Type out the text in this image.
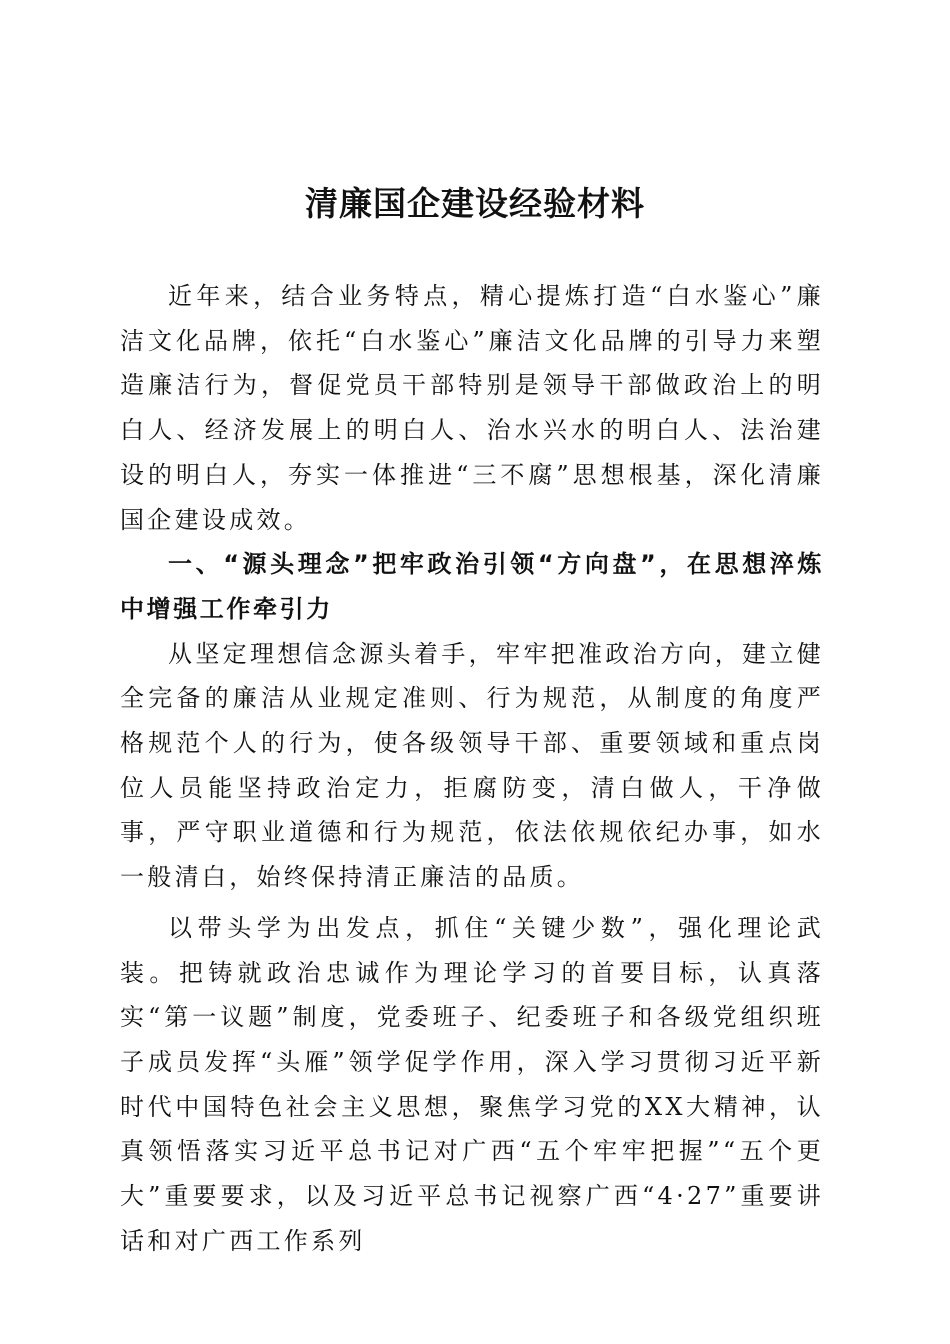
清廉国企建设经验材料

近年来，结合业务特点，精心提炼打造“白水鉴心”廉洁文化品牌，依托“白水鉴心”廉洁文化品牌的引导力来塑造廉洁行为，督促党员干部特别是领导干部做政治上的明白人、经济发展上的明白人、治水兴水的明白人、法治建设的明白人，夯实一体推进“三不腐”思想根基，深化清廉国企建设成效。

一、“源头理念”把牢政治引领“方向盘”，在思想淬炼中增强工作牵引力

从坚定理想信念源头着手，牢牢把准政治方向，建立健全完备的廉洁从业规定准则、行为规范，从制度的角度严格规范个人的行为，使各级领导干部、重要领域和重点岗位人员能坚持政治定力，拒腐防变，清白做人，干净做事，严守职业道德和行为规范，依法依规依纪办事，如水一般清白，始终保持清正廉洁的品质。

以带头学为出发点，抓住“关键少数”，强化理论武装。把铸就政治忠诚作为理论学习的首要目标，认真落实“第一议题”制度，党委班子、纪委班子和各级党组织班子成员发挥“头雁”领学促学作用，深入学习贯彻习近平新时代中国特色社会主义思想，聚焦学习党的XX大精神，认真领悟落实习近平总书记对广西“五个牢牢把握”“五个更大”重要要求，以及习近平总书记视察广西“4·27”重要讲话和对广西工作系列
